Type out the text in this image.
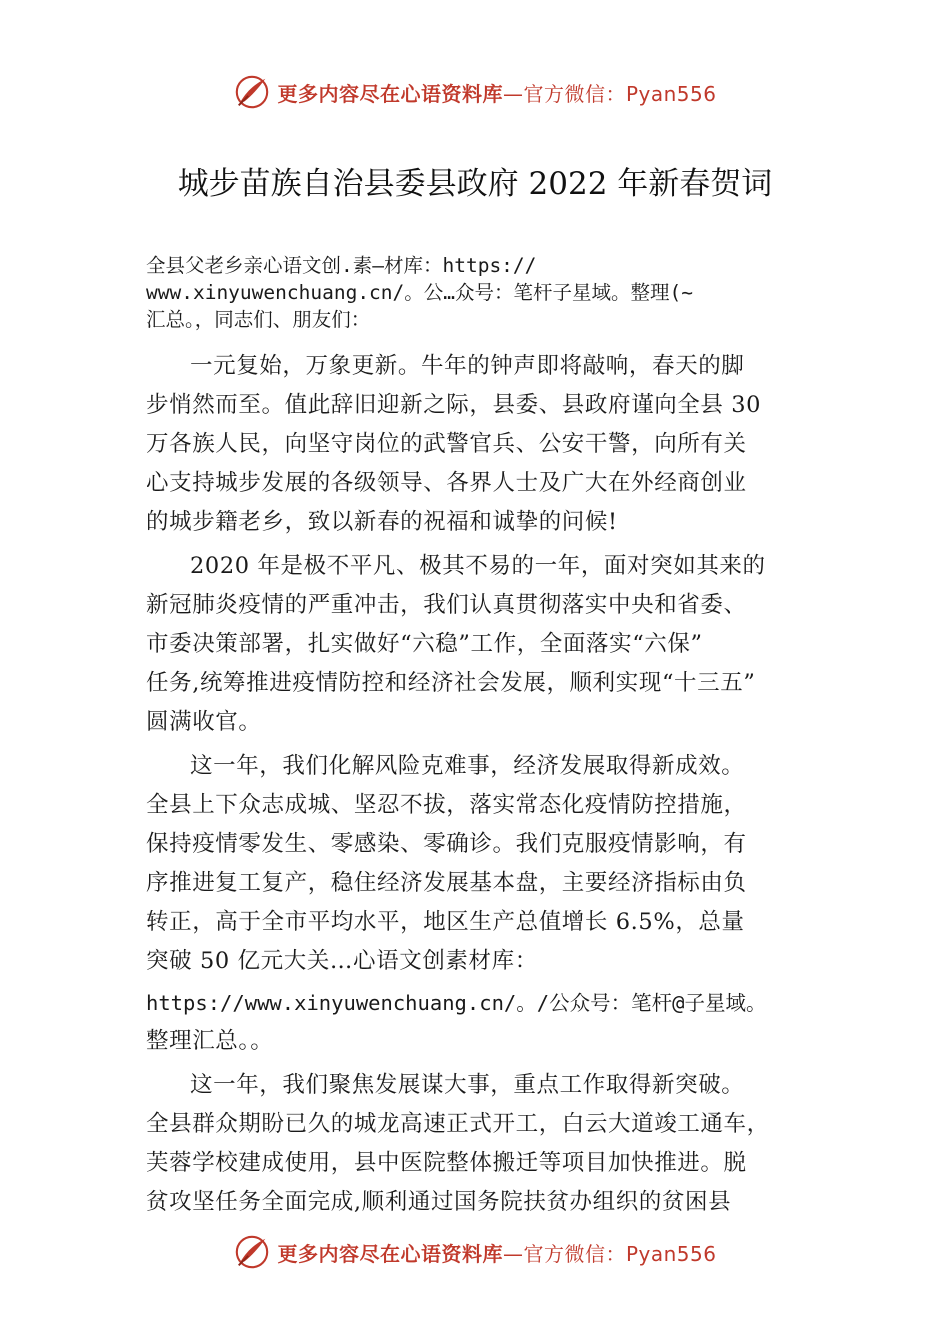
更多内容尽在心语资料库—官方微信：Pyan556
城步苗族自治县委县政府 2022 年新春贺词
全县父老乡亲心语文创.素—材库：https://
www.xinyuwenchuang.cn/。公…众号：笔杆子星域。整理(~
汇总。，同志们、朋友们：
一元复始，万象更新。牛年的钟声即将敲响，春天的脚
步悄然而至。值此辞旧迎新之际，县委、县政府谨向全县 30
万各族人民，向坚守岗位的武警官兵、公安干警，向所有关
心支持城步发展的各级领导、各界人士及广大在外经商创业
的城步籍老乡，致以新春的祝福和诚挚的问候!
2020 年是极不平凡、极其不易的一年，面对突如其来的
新冠肺炎疫情的严重冲击，我们认真贯彻落实中央和省委、
市委决策部署，扎实做好“六稳”工作，全面落实“六保”
任务,统筹推进疫情防控和经济社会发展，顺利实现“十三五”
圆满收官。
这一年，我们化解风险克难事，经济发展取得新成效。
全县上下众志成城、坚忍不拔，落实常态化疫情防控措施，
保持疫情零发生、零感染、零确诊。我们克服疫情影响，有
序推进复工复产，稳住经济发展基本盘，主要经济指标由负
转正，高于全市平均水平，地区生产总值增长 6.5%，总量
突破 50 亿元大关…心语文创素材库：
https://www.xinyuwenchuang.cn/。/公众号：笔杆@子星域。
整理汇总。。
这一年，我们聚焦发展谋大事，重点工作取得新突破。
全县群众期盼已久的城龙高速正式开工，白云大道竣工通车，
芙蓉学校建成使用，县中医院整体搬迁等项目加快推进。脱
贫攻坚任务全面完成,顺利通过国务院扶贫办组织的贫困县
更多内容尽在心语资料库—官方微信：Pyan556
